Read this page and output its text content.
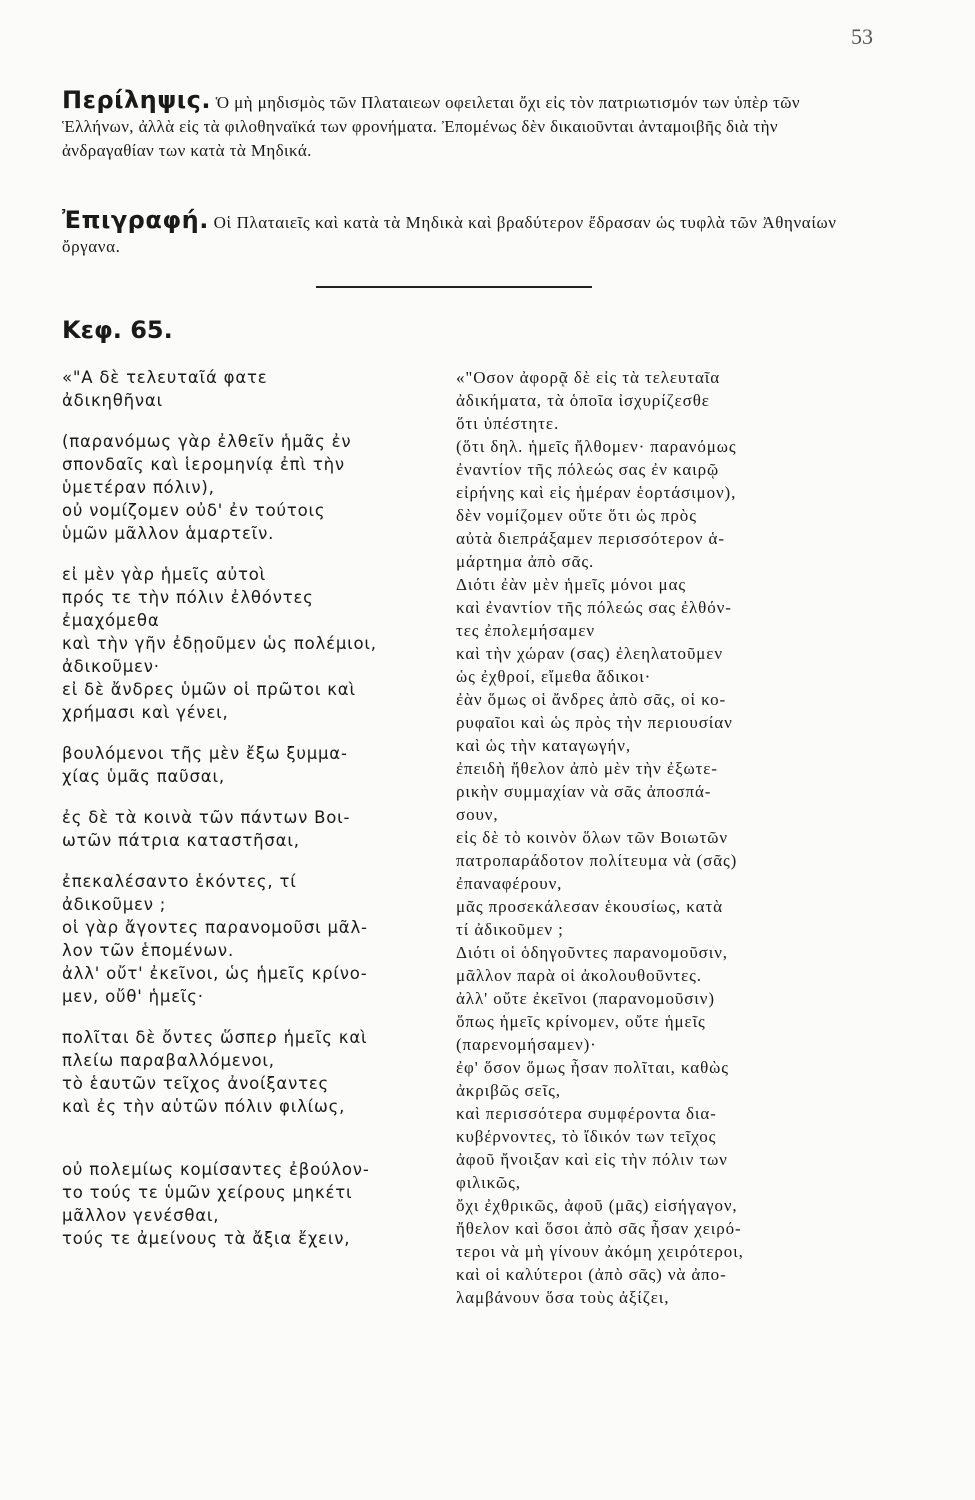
53
Περίληψις. Ὁ μὴ μηδισμὸς τῶν Πλαταιεων οφειλεται ὄχι εἰς τὸν πατριωτισμόν των ὑπὲρ τῶν Ἑλλήνων, ἀλλὰ εἰς τὰ φιλοθηναϊκά των φρονήματα. Ἐπομένως δὲν δικαιοῦνται ἀνταμοιβῆς διὰ τὴν ἀνδραγαθίαν των κατὰ τὰ Μηδικά.
Ἐπιγραφή. Οἱ Πλαταιεῖς καὶ κατὰ τὰ Μηδικὰ καὶ βραδύτερον ἔδρασαν ὡς τυφλὰ τῶν Ἀθηναίων ὄργανα.
Κεφ. 65.

«"Α δὲ τελευταῖά φατε
ἀδικηθῆναι

(παρανόμως γὰρ ἐλθεῖν ἡμᾶς ἐν
σπονδαῖς καὶ ἱερομηνίᾳ ἐπὶ τὴν
ὑμετέραν πόλιν),
οὐ νομίζομεν οὐδ' ἐν τούτοις
ὑμῶν μᾶλλον ἁμαρτεῖν.

εἰ μὲν γὰρ ἡμεῖς αὐτοὶ
πρός τε τὴν πόλιν ἐλθόντες
ἐμαχόμεθα
καὶ τὴν γῆν ἐδῃοῦμεν ὡς πολέμιοι,
ἀδικοῦμεν·
εἰ δὲ ἄνδρες ὑμῶν οἱ πρῶτοι καὶ
χρήμασι καὶ γένει,

βουλόμενοι τῆς μὲν ἔξω ξυμμα-
χίας ὑμᾶς παῦσαι,

ἐς δὲ τὰ κοινὰ τῶν πάντων Βοι-
ωτῶν πάτρια καταστῆσαι,

ἐπεκαλέσαντο ἑκόντες, τί
ἀδικοῦμεν ;
οἱ γὰρ ἄγοντες παρανομοῦσι μᾶλ-
λον τῶν ἑπομένων.
ἀλλ' οὔτ' ἐκεῖνοι, ὡς ἡμεῖς κρίνο-
μεν, οὔθ' ἡμεῖς·

πολῖται δὲ ὄντες ὥσπερ ἡμεῖς καὶ
πλείω παραβαλλόμενοι,
τὸ ἑαυτῶν τεῖχος ἀνοίξαντες
καὶ ἐς τὴν αὑτῶν πόλιν φιλίως,

οὐ πολεμίως κομίσαντες ἐβούλον-
το τούς τε ὑμῶν χείρους μηκέτι
μᾶλλον γενέσθαι,
τούς τε ἀμείνους τὰ ἄξια ἔχειν,

«"Οσον ἀφορᾷ δὲ εἰς τὰ τελευταῖα
ἀδικήματα, τὰ ὁποῖα ἰσχυρίζεσθε
ὅτι ὑπέστητε.

(ὅτι δηλ. ἡμεῖς ἤλθομεν· παρανόμως
ἐναντίον τῆς πόλεώς σας ἐν καιρῷ
εἰρήνης καὶ εἰς ἡμέραν ἑορτάσιμον),
δὲν νομίζομεν οὔτε ὅτι ὡς πρὸς
αὐτὰ διεπράξαμεν περισσότερον ἁ-
μάρτημα ἀπὸ σᾶς.

Διότι ἐὰν μὲν ἡμεῖς μόνοι μας
καὶ ἐναντίον τῆς πόλεώς σας ἐλθόν-
τες ἐπολεμήσαμεν
καὶ τὴν χώραν (σας) ἐλεηλατοῦμεν
ὡς ἐχθροί, εἴμεθα ἄδικοι·
ἐὰν ὅμως οἱ ἄνδρες ἀπὸ σᾶς, οἱ κο-
ρυφαῖοι καὶ ὡς πρὸς τὴν περιουσίαν
καὶ ὡς τὴν καταγωγήν,

ἐπειδὴ ἤθελον ἀπὸ μὲν τὴν ἐξωτε-
ρικὴν συμμαχίαν νὰ σᾶς ἀποσπά-
σουν,

εἰς δὲ τὸ κοινὸν ὅλων τῶν Βοιωτῶν
πατροπαράδοτον πολίτευμα νὰ (σᾶς)
ἐπαναφέρουν,

μᾶς προσεκάλεσαν ἑκουσίως, κατὰ
τί ἀδικοῦμεν ;
Διότι οἱ ὁδηγοῦντες παρανομοῦσιν,
μᾶλλον παρὰ οἱ ἀκολουθοῦντες.
ἀλλ' οὔτε ἐκεῖνοι (παρανομοῦσιν)
ὅπως ἡμεῖς κρίνομεν, οὔτε ἡμεῖς
(παρενομήσαμεν)·

ἐφ' ὅσον ὅμως ἦσαν πολῖται, καθὼς
ἀκριβῶς σεῖς,
καὶ περισσότερα συμφέροντα δια-
κυβέρνοντες, τὸ ἴδικόν των τεῖχος
ἀφοῦ ἤνοιξαν καὶ εἰς τὴν πόλιν των
φιλικῶς,

ὄχι ἐχθρικῶς, ἀφοῦ (μᾶς) εἰσήγαγον,
ἤθελον καὶ ὅσοι ἀπὸ σᾶς ἦσαν χειρό-
τεροι νὰ μὴ γίνουν ἀκόμη χειρότεροι,
καὶ οἱ καλύτεροι (ἀπὸ σᾶς) νὰ ἀπο-
λαμβάνουν ὅσα τοὺς ἀξίζει,
